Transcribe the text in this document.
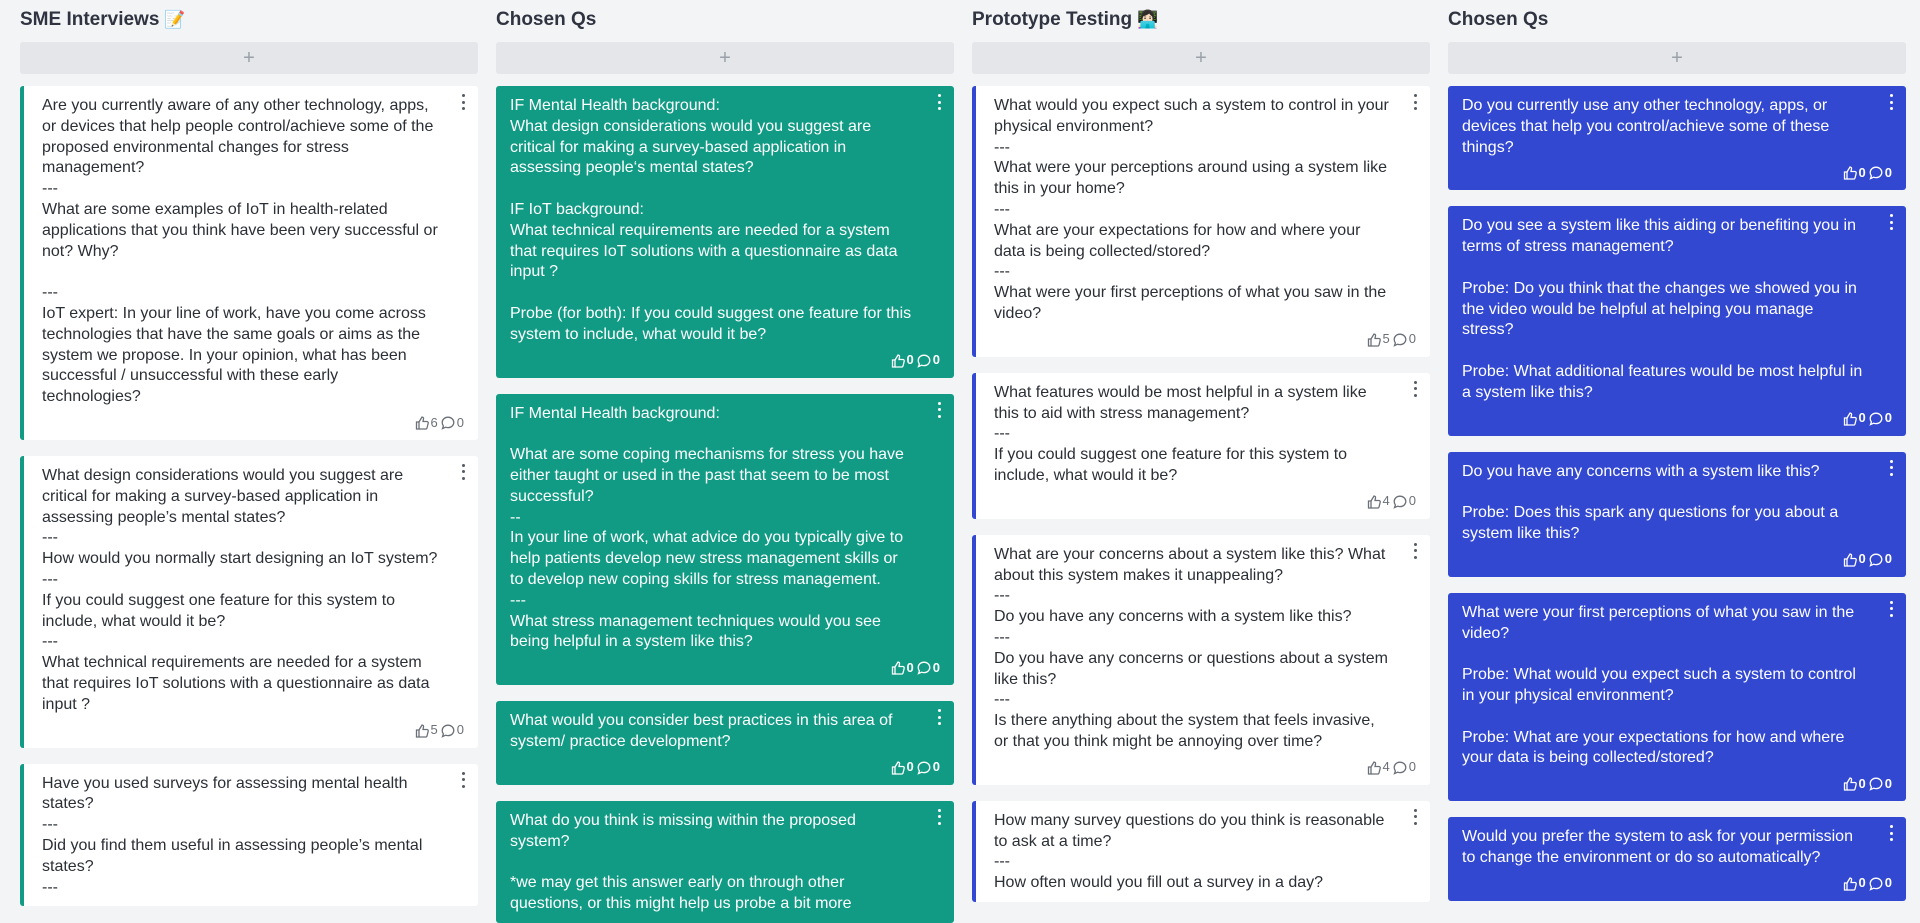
SME Interviews 📝
+

Are you currently aware of any other technology, apps, or devices that help people control/achieve some of the proposed environmental changes for stress management?
---
What are some examples of IoT in health-related applications that you think have been very successful or not? Why?

---
IoT expert: In your line of work, have you come across technologies that have the same goals or aims as the system we propose. In your opinion, what has been successful / unsuccessful with these early technologies?

6 0

What design considerations would you suggest are critical for making a survey-based application in assessing people’s mental states?
---
How would you normally start designing an IoT system?
---
If you could suggest one feature for this system to include, what would it be?
---
What technical requirements are needed for a system that requires IoT solutions with a questionnaire as data input ?

5 0

Have you used surveys for assessing mental health states?
---
Did you find them useful in assessing people’s mental states?
---

Chosen Qs
+

IF Mental Health background:
What design considerations would you suggest are critical for making a survey-based application in assessing people‘s mental states?

IF IoT background:
What technical requirements are needed for a system that requires IoT solutions with a questionnaire as data input ?

Probe (for both): If you could suggest one feature for this system to include, what would it be?

0 0

IF Mental Health background:

What are some coping mechanisms for stress you have either taught or used in the past that seem to be most successful?
--
In your line of work, what advice do you typically give to help patients develop new stress management skills or to develop new coping skills for stress management.
---
What stress management techniques would you see being helpful in a system like this?

0 0

What would you consider best practices in this area of system/ practice development?

0 0

What do you think is missing within the proposed system?

*we may get this answer early on through other questions, or this might help us probe a bit more

Prototype Testing 👩🏻‍💻
+

What would you expect such a system to control in your physical environment?
---
What were your perceptions around using a system like this in your home?
---
What are your expectations for how and where your data is being collected/stored?
---
What were your first perceptions of what you saw in the video?

5 0

What features would be most helpful in a system like this to aid with stress management?
---
If you could suggest one feature for this system to include, what would it be?

4 0

What are your concerns about a system like this? What about this system makes it unappealing?
---
Do you have any concerns with a system like this?
---
Do you have any concerns or questions about a system like this?
---
Is there anything about the system that feels invasive, or that you think might be annoying over time?

4 0

How many survey questions do you think is reasonable to ask at a time?
---
How often would you fill out a survey in a day?

Chosen Qs
+

Do you currently use any other technology, apps, or devices that help you control/achieve some of these things?

0 0

Do you see a system like this aiding or benefiting you in terms of stress management?

Probe: Do you think that the changes we showed you in the video would be helpful at helping you manage stress?

Probe: What additional features would be most helpful in a system like this?

0 0

Do you have any concerns with a system like this?

Probe: Does this spark any questions for you about a system like this?

0 0

What were your first perceptions of what you saw in the video?

Probe: What would you expect such a system to control in your physical environment?

Probe: What are your expectations for how and where your data is being collected/stored?

0 0

Would you prefer the system to ask for your permission to change the environment or do so automatically?

0 0
